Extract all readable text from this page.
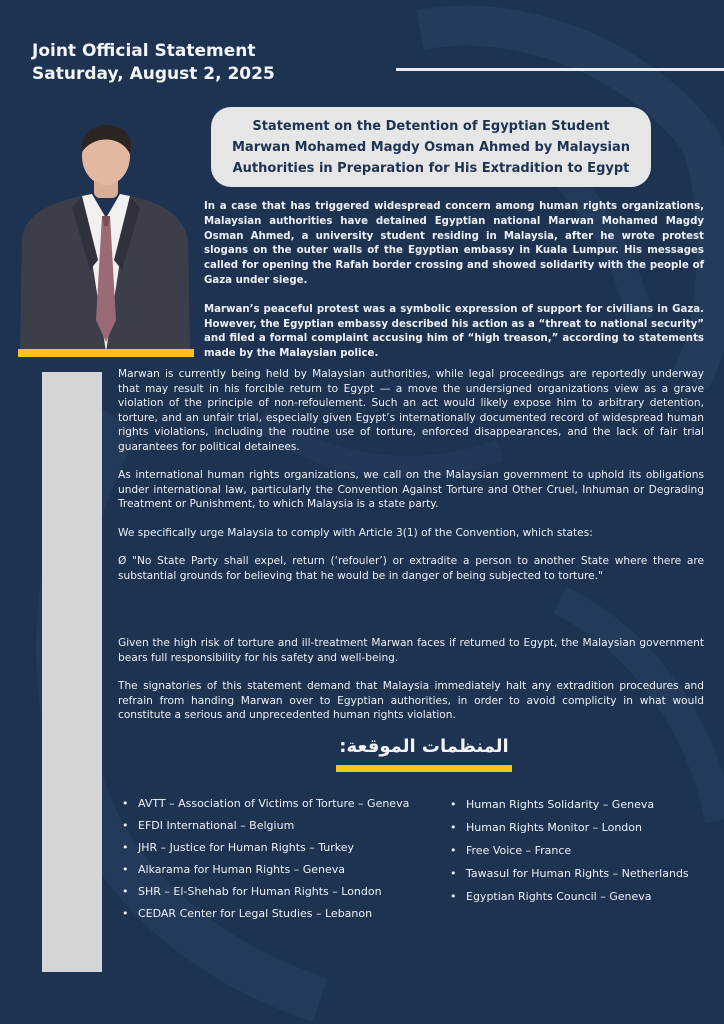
Joint Official Statement
Saturday, August 2, 2025
Statement on the Detention of Egyptian Student
Marwan Mohamed Magdy Osman Ahmed by Malaysian
Authorities in Preparation for His Extradition to Egypt

In a case that has triggered widespread concern among human rights organizations, Malaysian authorities have detained Egyptian national Marwan Mohamed Magdy Osman Ahmed, a university student residing in Malaysia, after he wrote protest slogans on the outer walls of the Egyptian embassy in Kuala Lumpur. His messages called for opening the Rafah border crossing and showed solidarity with the people of Gaza under siege.

Marwan’s peaceful protest was a symbolic expression of support for civilians in Gaza. However, the Egyptian embassy described his action as a “threat to national security” and filed a formal complaint accusing him of “high treason,” according to statements made by the Malaysian police.

Marwan is currently being held by Malaysian authorities, while legal proceedings are reportedly underway that may result in his forcible return to Egypt — a move the undersigned organizations view as a grave violation of the principle of non-refoulement. Such an act would likely expose him to arbitrary detention, torture, and an unfair trial, especially given Egypt’s internationally documented record of widespread human rights violations, including the routine use of torture, enforced disappearances, and the lack of fair trial guarantees for political detainees.

As international human rights organizations, we call on the Malaysian government to uphold its obligations under international law, particularly the Convention Against Torture and Other Cruel, Inhuman or Degrading Treatment or Punishment, to which Malaysia is a state party.

We specifically urge Malaysia to comply with Article 3(1) of the Convention, which states:

Ø "No State Party shall expel, return (‘refouler’) or extradite a person to another State where there are substantial grounds for believing that he would be in danger of being subjected to torture."

Given the high risk of torture and ill-treatment Marwan faces if returned to Egypt, the Malaysian government bears full responsibility for his safety and well-being.

The signatories of this statement demand that Malaysia immediately halt any extradition procedures and refrain from handing Marwan over to Egyptian authorities, in order to avoid complicity in what would constitute a serious and unprecedented human rights violation.

المنظمات الموقعة:
• AVTT – Association of Victims of Torture – Geneva
• EFDI International – Belgium
• JHR – Justice for Human Rights – Turkey
• Alkarama for Human Rights – Geneva
• SHR – El-Shehab for Human Rights – London
• CEDAR Center for Legal Studies – Lebanon
• Human Rights Solidarity – Geneva
• Human Rights Monitor – London
• Free Voice – France
• Tawasul for Human Rights – Netherlands
• Egyptian Rights Council – Geneva
